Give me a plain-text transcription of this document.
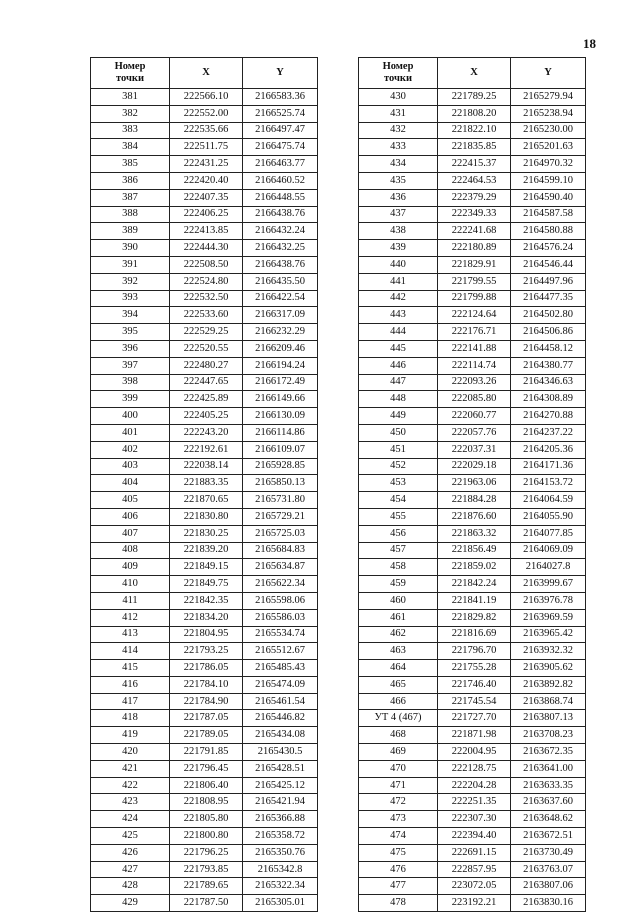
18
Номер
точки	X	Y
381	222566.10	2166583.36
382	222552.00	2166525.74
383	222535.66	2166497.47
384	222511.75	2166475.74
385	222431.25	2166463.77
386	222420.40	2166460.52
387	222407.35	2166448.55
388	222406.25	2166438.76
389	222413.85	2166432.24
390	222444.30	2166432.25
391	222508.50	2166438.76
392	222524.80	2166435.50
393	222532.50	2166422.54
394	222533.60	2166317.09
395	222529.25	2166232.29
396	222520.55	2166209.46
397	222480.27	2166194.24
398	222447.65	2166172.49
399	222425.89	2166149.66
400	222405.25	2166130.09
401	222243.20	2166114.86
402	222192.61	2166109.07
403	222038.14	2165928.85
404	221883.35	2165850.13
405	221870.65	2165731.80
406	221830.80	2165729.21
407	221830.25	2165725.03
408	221839.20	2165684.83
409	221849.15	2165634.87
410	221849.75	2165622.34
411	221842.35	2165598.06
412	221834.20	2165586.03
413	221804.95	2165534.74
414	221793.25	2165512.67
415	221786.05	2165485.43
416	221784.10	2165474.09
417	221784.90	2165461.54
418	221787.05	2165446.82
419	221789.05	2165434.08
420	221791.85	2165430.5
421	221796.45	2165428.51
422	221806.40	2165425.12
423	221808.95	2165421.94
424	221805.80	2165366.88
425	221800.80	2165358.72
426	221796.25	2165350.76
427	221793.85	2165342.8
428	221789.65	2165322.34
429	221787.50	2165305.01
Номер
точки	X	Y
430	221789.25	2165279.94
431	221808.20	2165238.94
432	221822.10	2165230.00
433	221835.85	2165201.63
434	222415.37	2164970.32
435	222464.53	2164599.10
436	222379.29	2164590.40
437	222349.33	2164587.58
438	222241.68	2164580.88
439	222180.89	2164576.24
440	221829.91	2164546.44
441	221799.55	2164497.96
442	221799.88	2164477.35
443	222124.64	2164502.80
444	222176.71	2164506.86
445	222141.88	2164458.12
446	222114.74	2164380.77
447	222093.26	2164346.63
448	222085.80	2164308.89
449	222060.77	2164270.88
450	222057.76	2164237.22
451	222037.31	2164205.36
452	222029.18	2164171.36
453	221963.06	2164153.72
454	221884.28	2164064.59
455	221876.60	2164055.90
456	221863.32	2164077.85
457	221856.49	2164069.09
458	221859.02	2164027.8
459	221842.24	2163999.67
460	221841.19	2163976.78
461	221829.82	2163969.59
462	221816.69	2163965.42
463	221796.70	2163932.32
464	221755.28	2163905.62
465	221746.40	2163892.82
466	221745.54	2163868.74
УТ 4 (467)	221727.70	2163807.13
468	221871.98	2163708.23
469	222004.95	2163672.35
470	222128.75	2163641.00
471	222204.28	2163633.35
472	222251.35	2163637.60
473	222307.30	2163648.62
474	222394.40	2163672.51
475	222691.15	2163730.49
476	222857.95	2163763.07
477	223072.05	2163807.06
478	223192.21	2163830.16
